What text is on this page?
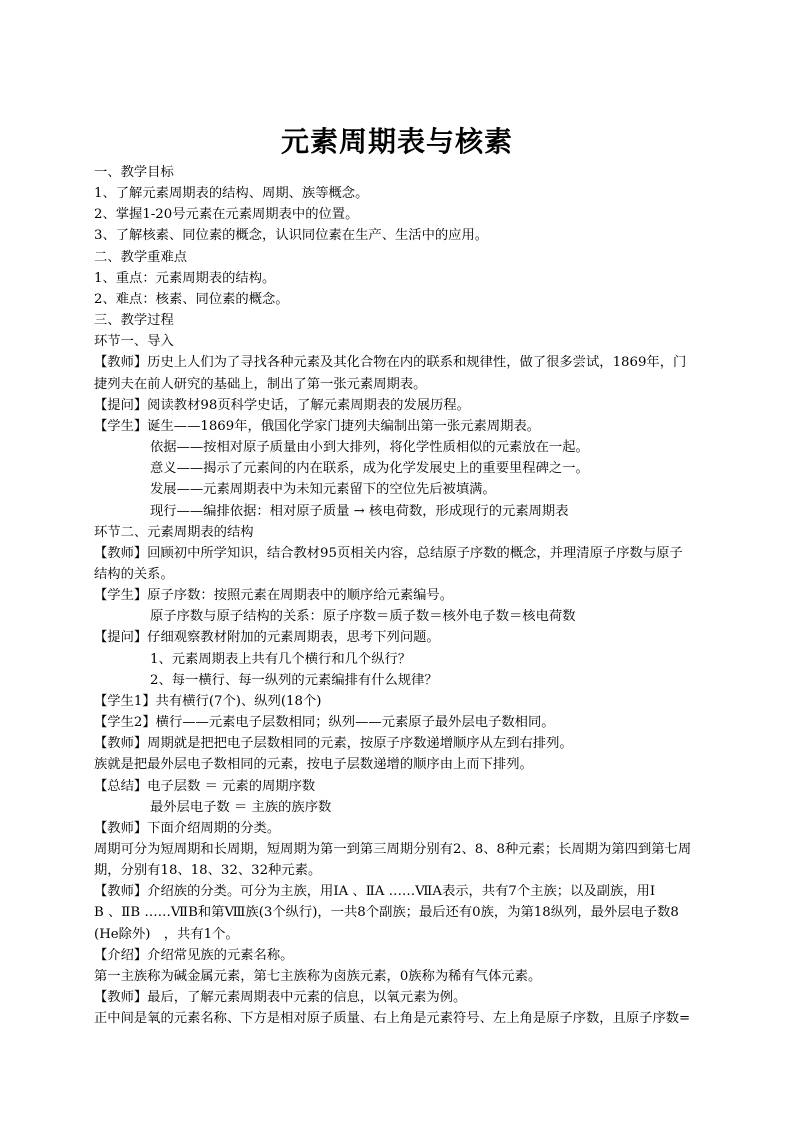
元素周期表与核素

一、教学目标

1、了解元素周期表的结构、周期、族等概念。

2、掌握1-20号元素在元素周期表中的位置。

3、了解核素、同位素的概念，认识同位素在生产、生活中的应用。

二、教学重难点

1、重点：元素周期表的结构。

2、难点：核素、同位素的概念。

三、教学过程

环节一、导入

【教师】历史上人们为了寻找各种元素及其化合物在内的联系和规律性，做了很多尝试，1869年，门

捷列夫在前人研究的基础上，制出了第一张元素周期表。

【提问】阅读教材98页科学史话，了解元素周期表的发展历程。

【学生】诞生——1869年，俄国化学家门捷列夫编制出第一张元素周期表。

依据——按相对原子质量由小到大排列，将化学性质相似的元素放在一起。

意义——揭示了元素间的内在联系，成为化学发展史上的重要里程碑之一。

发展——元素周期表中为未知元素留下的空位先后被填满。

现行——编排依据：相对原子质量 → 核电荷数，形成现行的元素周期表

环节二、元素周期表的结构

【教师】回顾初中所学知识，结合教材95页相关内容，总结原子序数的概念，并理清原子序数与原子

结构的关系。

【学生】原子序数：按照元素在周期表中的顺序给元素编号。

原子序数与原子结构的关系：原子序数＝质子数＝核外电子数＝核电荷数

【提问】仔细观察教材附加的元素周期表，思考下列问题。

1、元素周期表上共有几个横行和几个纵行？

2、每一横行、每一纵列的元素编排有什么规律？

【学生1】共有横行(7个)、纵列(18个)

【学生2】横行——元素电子层数相同；纵列——元素原子最外层电子数相同。

【教师】周期就是把把电子层数相同的元素，按原子序数递增顺序从左到右排列。

族就是把最外层电子数相同的元素，按电子层数递增的顺序由上而下排列。

【总结】电子层数 ＝ 元素的周期序数

最外层电子数 ＝ 主族的族序数

【教师】下面介绍周期的分类。

周期可分为短周期和长周期，短周期为第一到第三周期分别有2、8、8种元素；长周期为第四到第七周

期，分别有18、18、32、32种元素。

【教师】介绍族的分类。可分为主族，用ⅠA 、ⅡA ……ⅦA表示，共有7个主族；以及副族，用Ⅰ

B 、ⅡB ……ⅦB和第Ⅷ族(3个纵行)，一共8个副族；最后还有0族，为第18纵列，最外层电子数8

(He除外)　，共有1个。

【介绍】介绍常见族的元素名称。

第一主族称为碱金属元素，第七主族称为卤族元素，0族称为稀有气体元素。

【教师】最后，了解元素周期表中元素的信息，以氧元素为例。

正中间是氧的元素名称、下方是相对原子质量、右上角是元素符号、左上角是原子序数，且原子序数=
